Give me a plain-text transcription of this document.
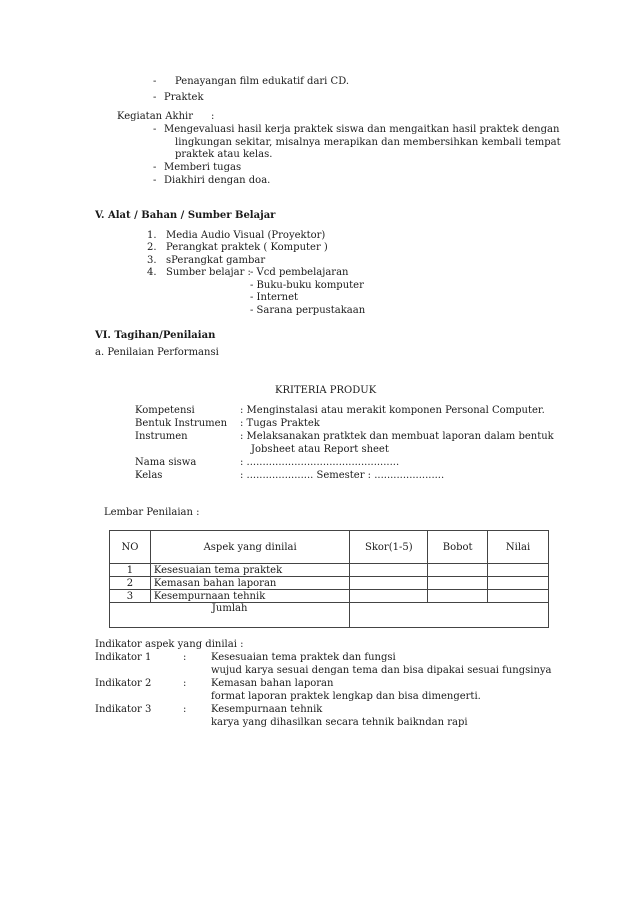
- Penayangan film edukatif dari CD.
- Praktek
Kegiatan Akhir :
- Mengevaluasi hasil kerja praktek siswa dan mengaitkan hasil praktek dengan
lingkungan sekitar, misalnya merapikan dan membersihkan kembali tempat
praktek atau kelas.
- Memberi tugas
- Diakhiri dengan doa.
V. Alat / Bahan / Sumber Belajar
1. Media Audio Visual (Proyektor)
2. Perangkat praktek ( Komputer )
3. sPerangkat gambar
4. Sumber belajar : - Vcd pembelajaran
- Buku-buku komputer
- Internet
- Sarana perpustakaan
VI. Tagihan/Penilaian
a. Penilaian Performansi
KRITERIA PRODUK
Kompetensi	: Menginstalasi atau merakit komponen Personal Computer.
Bentuk Instrumen : Tugas Praktek
Instrumen	: Melaksanakan pratktek dan membuat laporan dalam bentuk
Jobsheet atau Report sheet
Nama siswa	: ................................................
Kelas	: ..................... Semester : ......................
Lembar Penilaian :
NO	Aspek yang dinilai	Skor(1-5)	Bobot	Nilai
1	Kesesuaian tema praktek			
2	Kemasan bahan laporan			
3	Kesempurnaan tehnik			
Jumlah				
Indikator aspek yang dinilai :
Indikator 1	: Kesesuaian tema praktek dan fungsi
wujud karya sesuai dengan tema dan bisa dipakai sesuai fungsinya
Indikator 2	: Kemasan bahan laporan
format laporan praktek lengkap dan bisa dimengerti.
Indikator 3	: Kesempurnaan tehnik
karya yang dihasilkan secara tehnik baikndan rapi
